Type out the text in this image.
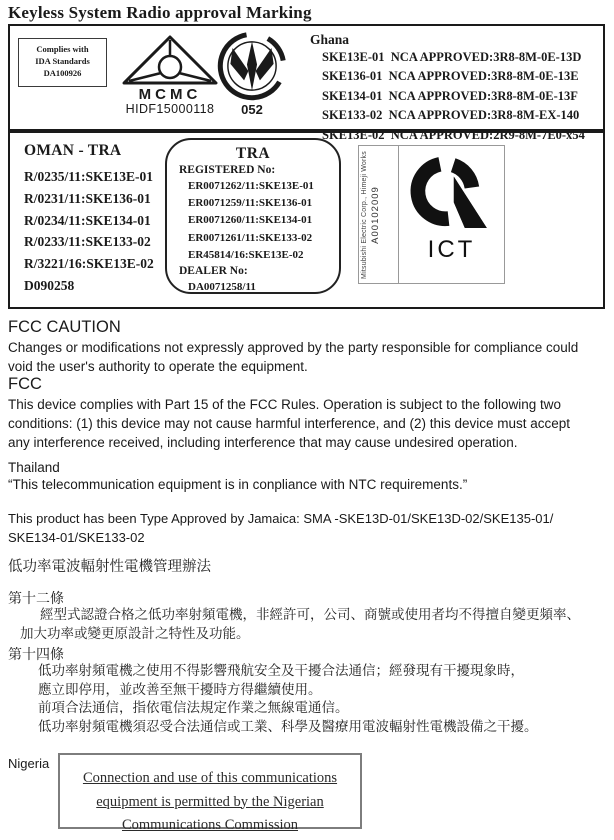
Keyless System Radio approval Marking
Complies with
IDA Standards
DA100926
MCMC
HIDF15000118	052
Ghana
SKE13E-01  NCA APPROVED:3R8-8M-0E-13D
SKE136-01  NCA APPROVED:3R8-8M-0E-13E
SKE134-01  NCA APPROVED:3R8-8M-0E-13F
SKE133-02  NCA APPROVED:3R8-8M-EX-140
SKE13E-02  NCA APPROVED:2R9-8M-7E0-x54
OMAN - TRA
R/0235/11:SKE13E-01
R/0231/11:SKE136-01
R/0234/11:SKE134-01
R/0233/11:SKE133-02
R/3221/16:SKE13E-02
D090258
TRA
REGISTERED No:
ER0071262/11:SKE13E-01
ER0071259/11:SKE136-01
ER0071260/11:SKE134-01
ER0071261/11:SKE133-02
ER45814/16:SKE13E-02
DEALER No:
DA0071258/11
Mitsubishi Electric Corp., Himeji Works A00102009
ICT
FCC CAUTION
Changes or modifications not expressly approved by the party responsible for compliance could void the user's authority to operate the equipment.
FCC
This device complies with Part 15 of the FCC Rules. Operation is subject to the following two conditions: (1) this device may not cause harmful interference, and (2) this device must accept any interference received, including interference that may cause undesired operation.
Thailand
“This telecommunication equipment is in conpliance with NTC requirements.”
This product has been Type Approved by Jamaica: SMA -SKE13D-01/SKE13D-02/SKE135-01/
SKE134-01/SKE133-02
低功率電波輻射性電機管理辦法
第十二條
經型式認證合格之低功率射頻電機，非經許可，公司、商號或使用者均不得擅自變更頻率、加大功率或變更原設計之特性及功能。
第十四條
低功率射頻電機之使用不得影響飛航安全及干擾合法通信；經發現有干擾現象時，
應立即停用，並改善至無干擾時方得繼續使用。
前項合法通信，指依電信法規定作業之無線電通信。
低功率射頻電機須忍受合法通信或工業、科學及醫療用電波輻射性電機設備之干擾。
Nigeria
Connection and use of this communications equipment is permitted by the Nigerian Communications Commission
